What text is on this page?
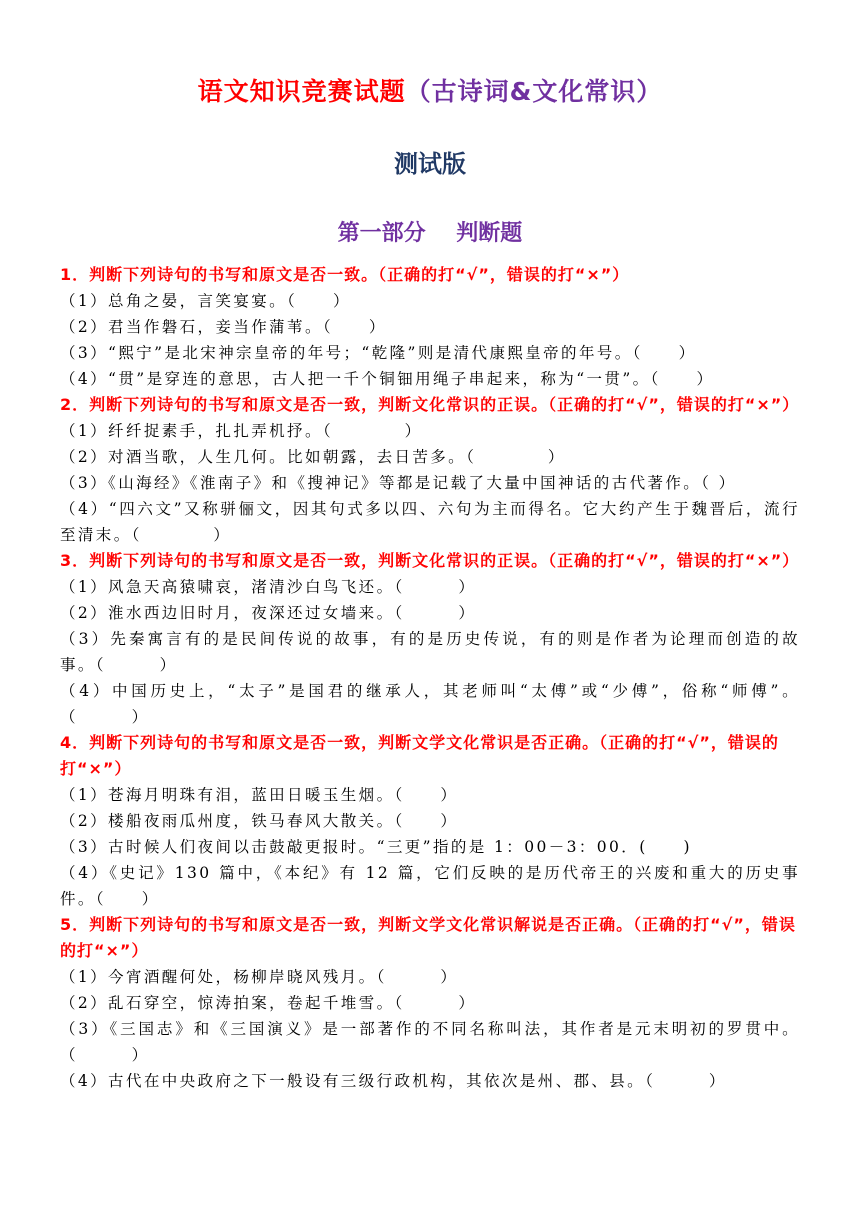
语文知识竞赛试题（古诗词&文化常识）
测试版
第一部分    判断题
1．判断下列诗句的书写和原文是否一致。（正确的打“√”，错误的打“×”）
（1）总角之晏，言笑宴宴。（　　）
（2）君当作磐石，妾当作蒲苇。（　　）
（3）“熙宁”是北宋神宗皇帝的年号；“乾隆”则是清代康熙皇帝的年号。（　　）
（4）“贯”是穿连的意思，古人把一千个铜钿用绳子串起来，称为“一贯”。（　　）
2．判断下列诗句的书写和原文是否一致，判断文化常识的正误。（正确的打“√”，错误的打“×”）
（1）纤纤捉素手，扎扎弄机抒。（　　　　）
（2）对酒当歌，人生几何。比如朝露，去日苦多。（　　　　）
（3）《山海经》《淮南子》和《搜神记》等都是记载了大量中国神话的古代著作。（ ）
（4）“四六文”又称骈俪文，因其句式多以四、六句为主而得名。它大约产生于魏晋后，流行至清末。（　　　　）
3．判断下列诗句的书写和原文是否一致，判断文化常识的正误。（正确的打“√”，错误的打“×”）
（1）风急天高猿啸哀，渚清沙白鸟飞还。（　　　）
（2）淮水西边旧时月，夜深还过女墙来。（　　　）
（3）先秦寓言有的是民间传说的故事，有的是历史传说，有的则是作者为论理而创造的故事。（　　　）
（4）中国历史上，“太子”是国君的继承人，其老师叫“太傅”或“少傅”，俗称“师傅”。（　　　）
4．判断下列诗句的书写和原文是否一致，判断文学文化常识是否正确。（正确的打“√”，错误的打“×”）
（1）苍海月明珠有泪，蓝田日暖玉生烟。（　　）
（2）楼船夜雨瓜州度，铁马春风大散关。（　　）
（3）古时候人们夜间以击鼓敲更报时。“三更”指的是 1：00－3：00．(　　)
（4）《史记》130 篇中，《本纪》有 12 篇，它们反映的是历代帝王的兴废和重大的历史事件。（　　）
5．判断下列诗句的书写和原文是否一致，判断文学文化常识解说是否正确。（正确的打“√”，错误的打“×”）
（1）今宵酒醒何处，杨柳岸晓风残月。（　　　）
（2）乱石穿空，惊涛拍案，卷起千堆雪。（　　　）
（3）《三国志》和《三国演义》是一部著作的不同名称叫法，其作者是元末明初的罗贯中。（　　　）
（4）古代在中央政府之下一般设有三级行政机构，其依次是州、郡、县。（　　　）
